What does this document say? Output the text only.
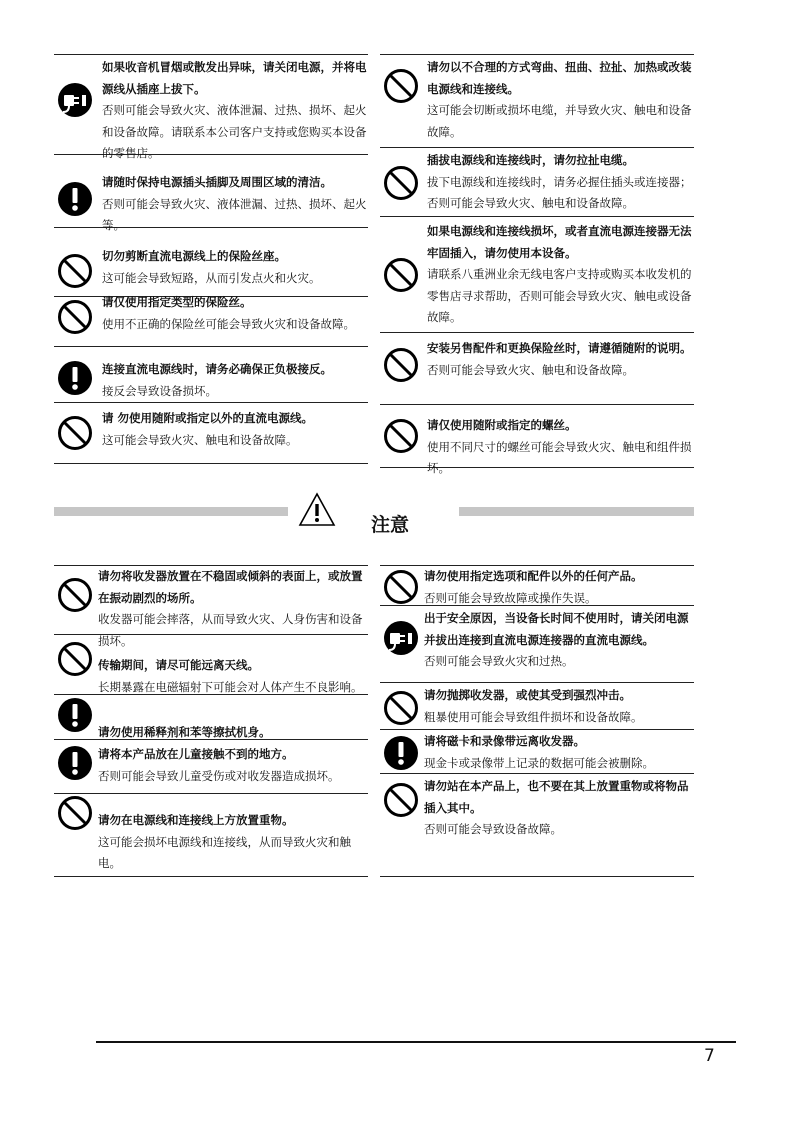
如果收音机冒烟或散发出异味，请关闭电源，并将电源线从插座上拔下。
否则可能会导致火灾、液体泄漏、过热、损坏、起火和设备故障。请联系本公司客户支持或您购买本设备的零售店。
请随时保持电源插头插脚及周围区域的清洁。
否则可能会导致火灾、液体泄漏、过热、损坏、起火等。
切勿剪断直流电源线上的保险丝座。
这可能会导致短路，从而引发点火和火灾。
请仅使用指定类型的保险丝。
使用不正确的保险丝可能会导致火灾和设备故障。
连接直流电源线时，请务必确保正负极接反。
接反会导致设备损坏。
请 勿使用随附或指定以外的直流电源线。
这可能会导致火灾、触电和设备故障。
请勿以不合理的方式弯曲、扭曲、拉扯、加热或改装电源线和连接线。
这可能会切断或损坏电缆，并导致火灾、触电和设备故障。
插拔电源线和连接线时，请勿拉扯电缆。
拔下电源线和连接线时，请务必握住插头或连接器；否则可能会导致火灾、触电和设备故障。
如果电源线和连接线损坏，或者直流电源连接器无法牢固插入，请勿使用本设备。
请联系八重洲业余无线电客户支持或购买本收发机的零售店寻求帮助，否则可能会导致火灾、触电或设备故障。
安装另售配件和更换保险丝时，请遵循随附的说明。
否则可能会导致火灾、触电和设备故障。
请仅使用随附或指定的螺丝。
使用不同尺寸的螺丝可能会导致火灾、触电和组件损坏。
注意
请勿将收发器放置在不稳固或倾斜的表面上，或放置在振动剧烈的场所。
收发器可能会摔落，从而导致火灾、人身伤害和设备损坏。
传输期间，请尽可能远离天线。
长期暴露在电磁辐射下可能会对人体产生不良影响。
请勿使用稀释剂和苯等擦拭机身。
请将本产品放在儿童接触不到的地方。
否则可能会导致儿童受伤或对收发器造成损坏。
请勿在电源线和连接线上方放置重物。
这可能会损坏电源线和连接线，从而导致火灾和触电。
请勿使用指定选项和配件以外的任何产品。
否则可能会导致故障或操作失误。
出于安全原因，当设备长时间不使用时，请关闭电源并拔出连接到直流电源连接器的直流电源线。
否则可能会导致火灾和过热。
请勿抛掷收发器，或使其受到强烈冲击。
粗暴使用可能会导致组件损坏和设备故障。
请将磁卡和录像带远离收发器。
现金卡或录像带上记录的数据可能会被删除。
请勿站在本产品上，也不要在其上放置重物或将物品插入其中。
否则可能会导致设备故障。
7
